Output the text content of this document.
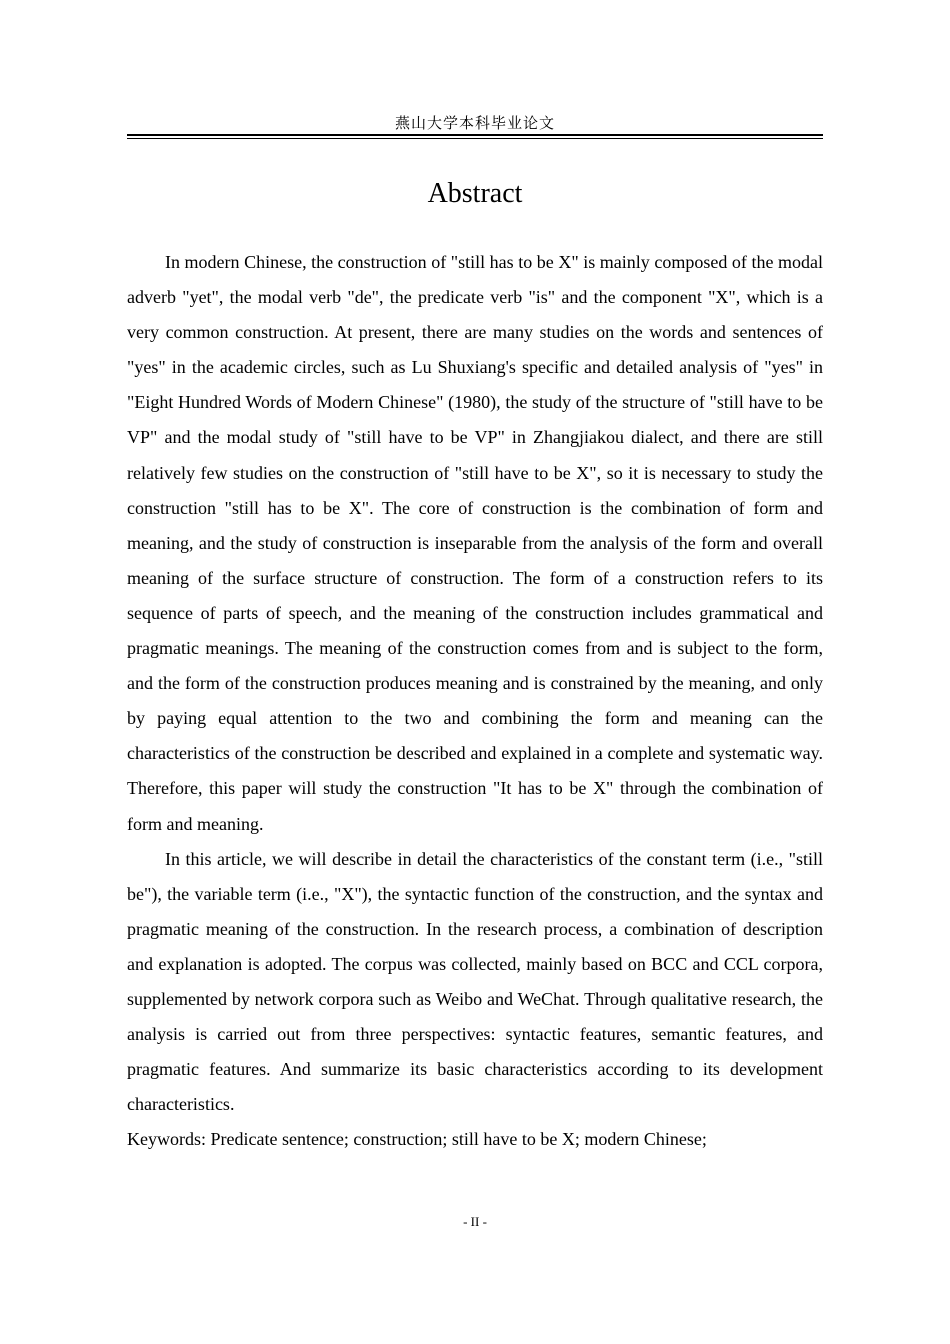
燕山大学本科毕业论文
Abstract

In modern Chinese, the construction of "still has to be X" is mainly composed of the modal adverb "yet", the modal verb "de", the predicate verb "is" and the component "X", which is a very common construction. At present, there are many studies on the words and sentences of "yes" in the academic circles, such as Lu Shuxiang's specific and detailed analysis of "yes" in "Eight Hundred Words of Modern Chinese" (1980), the study of the structure of "still have to be VP" and the modal study of "still have to be VP" in Zhangjiakou dialect, and there are still relatively few studies on the construction of "still have to be X", so it is necessary to study the construction "still has to be X". The core of construction is the combination of form and meaning, and the study of construction is inseparable from the analysis of the form and overall meaning of the surface structure of construction. The form of a construction refers to its sequence of parts of speech, and the meaning of the construction includes grammatical and pragmatic meanings. The meaning of the construction comes from and is subject to the form, and the form of the construction produces meaning and is constrained by the meaning, and only by paying equal attention to the two and combining the form and meaning can the characteristics of the construction be described and explained in a complete and systematic way. Therefore, this paper will study the construction "It has to be X" through the combination of form and meaning.

In this article, we will describe in detail the characteristics of the constant term (i.e., "still be"), the variable term (i.e., "X"), the syntactic function of the construction, and the syntax and pragmatic meaning of the construction. In the research process, a combination of description and explanation is adopted. The corpus was collected, mainly based on BCC and CCL corpora, supplemented by network corpora such as Weibo and WeChat. Through qualitative research, the analysis is carried out from three perspectives: syntactic features, semantic features, and pragmatic features. And summarize its basic characteristics according to its development characteristics.

Keywords: Predicate sentence; construction; still have to be X; modern Chinese;

- II -
